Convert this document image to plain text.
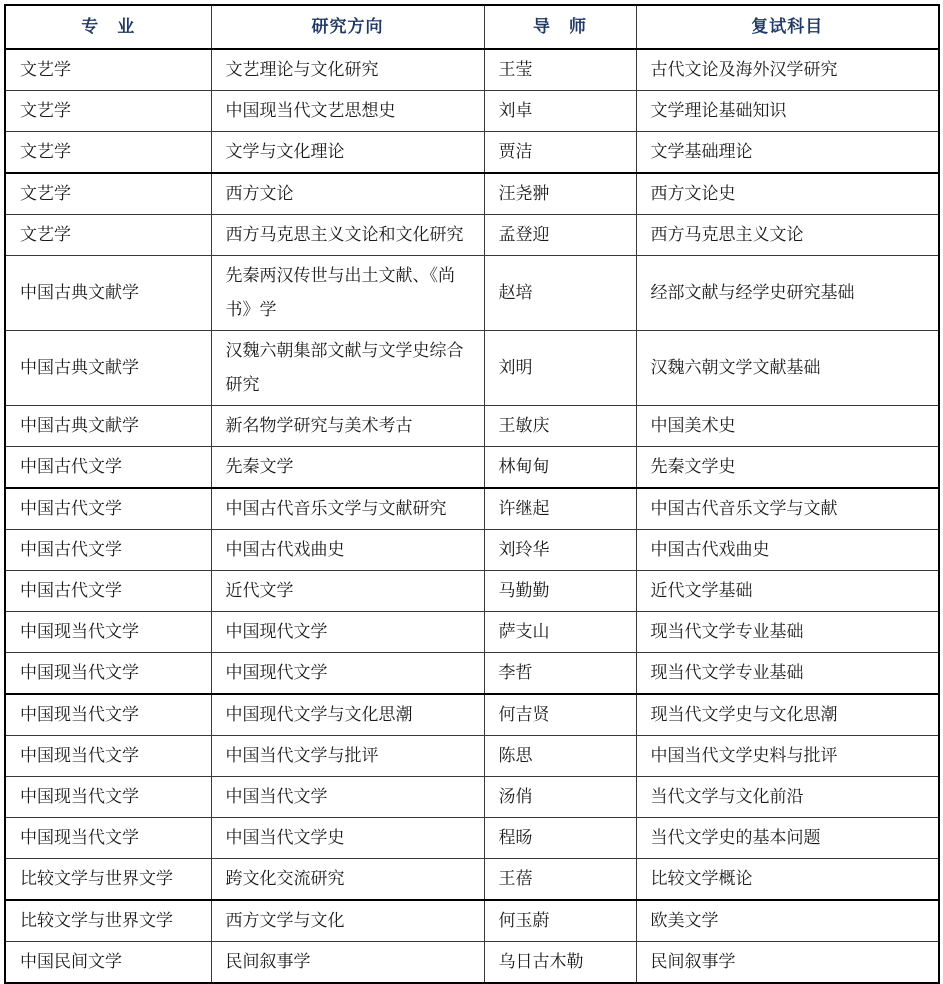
专　业	研究方向	导　师	复试科目
文艺学	文艺理论与文化研究	王莹	古代文论及海外汉学研究
文艺学	中国现当代文艺思想史	刘卓	文学理论基础知识
文艺学	文学与文化理论	贾洁	文学基础理论
文艺学	西方文论	汪尧翀	西方文论史
文艺学	西方马克思主义文论和文化研究	孟登迎	西方马克思主义文论
中国古典文献学	先秦两汉传世与出土文献、《尚书》学	赵培	经部文献与经学史研究基础
中国古典文献学	汉魏六朝集部文献与文学史综合研究	刘明	汉魏六朝文学文献基础
中国古典文献学	新名物学研究与美术考古	王敏庆	中国美术史
中国古代文学	先秦文学	林甸甸	先秦文学史
中国古代文学	中国古代音乐文学与文献研究	许继起	中国古代音乐文学与文献
中国古代文学	中国古代戏曲史	刘玲华	中国古代戏曲史
中国古代文学	近代文学	马勤勤	近代文学基础
中国现当代文学	中国现代文学	萨支山	现当代文学专业基础
中国现当代文学	中国现代文学	李哲	现当代文学专业基础
中国现当代文学	中国现代文学与文化思潮	何吉贤	现当代文学史与文化思潮
中国现当代文学	中国当代文学与批评	陈思	中国当代文学史料与批评
中国现当代文学	中国当代文学	汤俏	当代文学与文化前沿
中国现当代文学	中国当代文学史	程旸	当代文学史的基本问题
比较文学与世界文学	跨文化交流研究	王蓓	比较文学概论
比较文学与世界文学	西方文学与文化	何玉蔚	欧美文学
中国民间文学	民间叙事学	乌日古木勒	民间叙事学
